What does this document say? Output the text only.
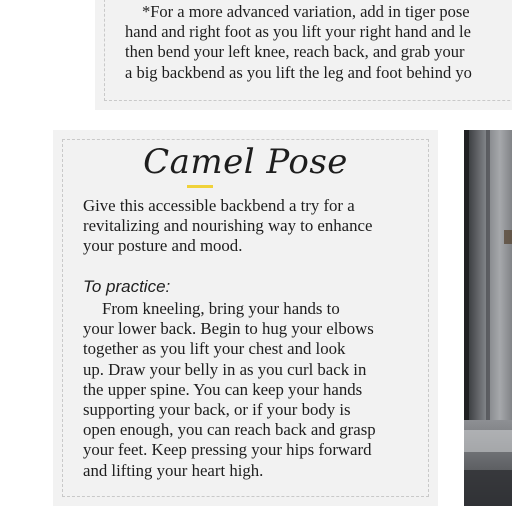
*For a more advanced variation, add in tiger pose
hand and right foot as you lift your right hand and le
then bend your left knee, reach back, and grab your
a big backbend as you lift the leg and foot behind yo
Camel Pose
Give this accessible backbend a try for a
revitalizing and nourishing way to enhance
your posture and mood.
To practice:
From kneeling, bring your hands to
your lower back. Begin to hug your elbows
together as you lift your chest and look
up. Draw your belly in as you curl back in
the upper spine. You can keep your hands
supporting your back, or if your body is
open enough, you can reach back and grasp
your feet. Keep pressing your hips forward
and lifting your heart high.
